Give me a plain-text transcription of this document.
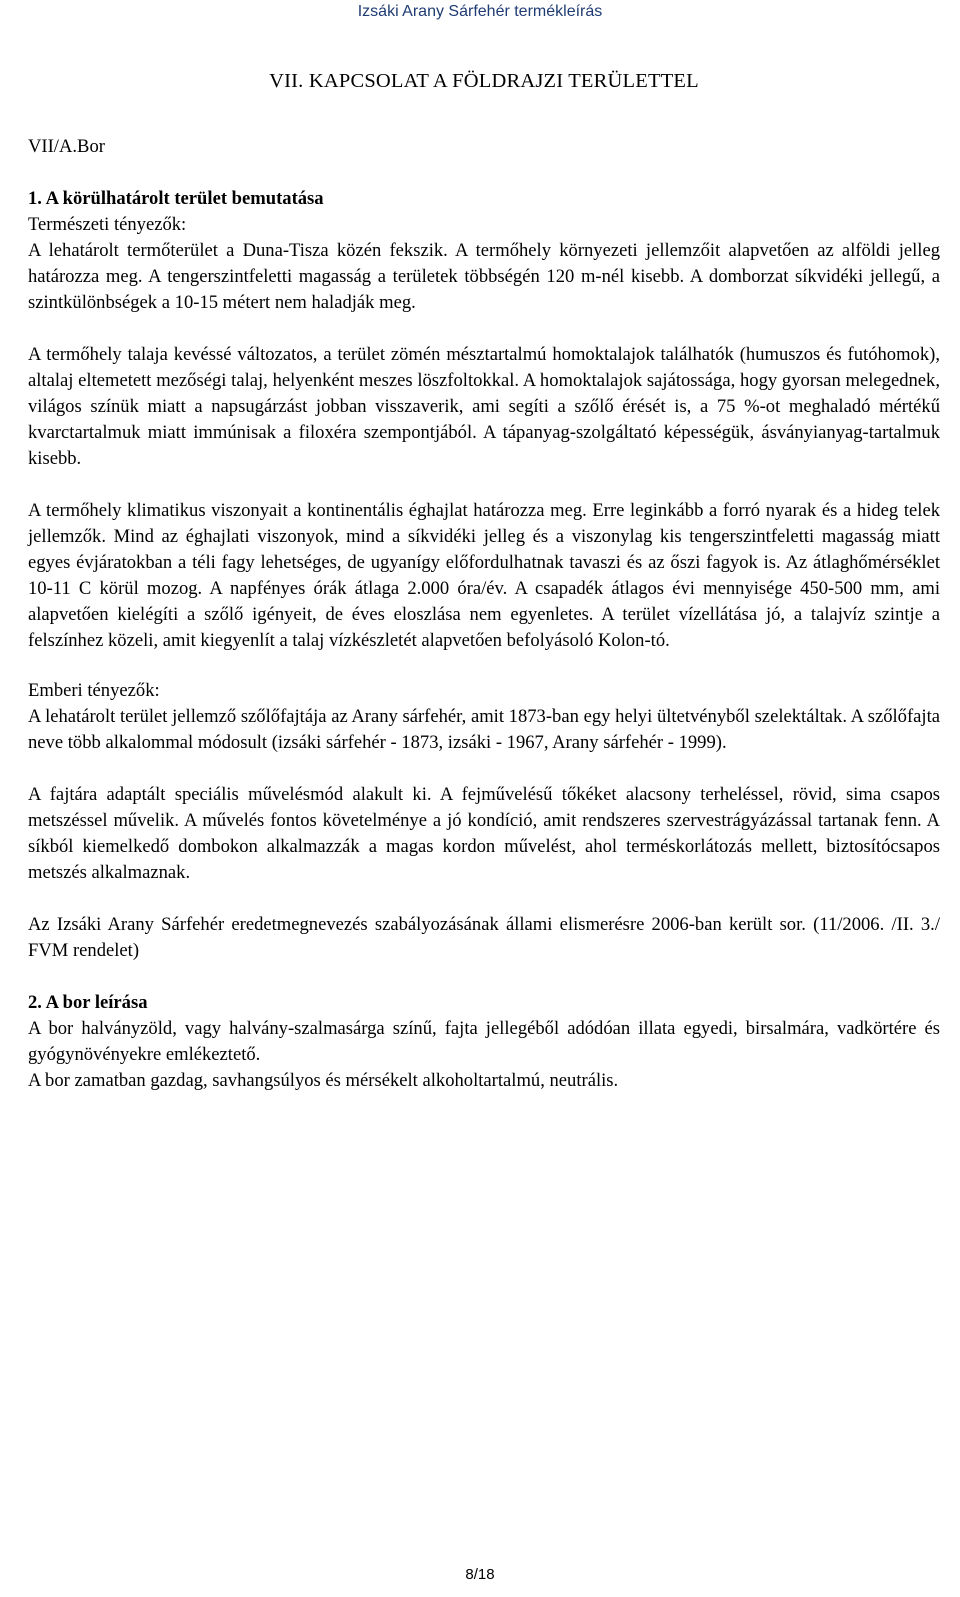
Izsáki Arany Sárfehér termékleírás
VII. KAPCSOLAT A FÖLDRAJZI TERÜLETTEL
VII/A.Bor
1. A körülhatárolt terület bemutatása
Természeti tényezők:

A lehatárolt termőterület a Duna-Tisza közén fekszik. A termőhely környezeti jellemzőit alapvetően az alföldi jelleg határozza meg. A tengerszintfeletti magasság a területek többségén 120 m-nél kisebb. A domborzat síkvidéki jellegű, a szintkülönbségek a 10-15 métert nem haladják meg.

A termőhely talaja kevéssé változatos, a terület zömén mésztartalmú homoktalajok találhatók (humuszos és futóhomok), altalaj eltemetett mezőségi talaj, helyenként meszes löszfoltokkal. A homoktalajok sajátossága, hogy gyorsan melegednek, világos színük miatt a napsugárzást jobban visszaverik, ami segíti a szőlő érését is, a 75 %-ot meghaladó mértékű kvarctartalmuk miatt immúnisak a filoxéra szempontjából. A tápanyag-szolgáltató képességük, ásványianyag-tartalmuk kisebb.

A termőhely klimatikus viszonyait a kontinentális éghajlat határozza meg. Erre leginkább a forró nyarak és a hideg telek jellemzők. Mind az éghajlati viszonyok, mind a síkvidéki jelleg és a viszonylag kis tengerszintfeletti magasság miatt egyes évjáratokban a téli fagy lehetséges, de ugyanígy előfordulhatnak tavaszi és az őszi fagyok is. Az átlaghőmérséklet 10-11 C körül mozog. A napfényes órák átlaga 2.000 óra/év. A csapadék átlagos évi mennyisége 450-500 mm, ami alapvetően kielégíti a szőlő igényeit, de éves eloszlása nem egyenletes. A terület vízellátása jó, a talajvíz szintje a felszínhez közeli, amit kiegyenlít a talaj vízkészletét alapvetően befolyásoló Kolon-tó.

Emberi tényezők:

A lehatárolt terület jellemző szőlőfajtája az Arany sárfehér, amit 1873-ban egy helyi ültetvényből szelektáltak. A szőlőfajta neve több alkalommal módosult (izsáki sárfehér - 1873, izsáki - 1967, Arany sárfehér - 1999).

A fajtára adaptált speciális művelésmód alakult ki. A fejművelésű tőkéket alacsony terheléssel, rövid, sima csapos metszéssel művelik. A művelés fontos követelménye a jó kondíció, amit rendszeres szervestrágyázással tartanak fenn. A síkból kiemelkedő dombokon alkalmazzák a magas kordon művelést, ahol terméskorlátozás mellett, biztosítócsapos metszés alkalmaznak.

Az Izsáki Arany Sárfehér eredetmegnevezés szabályozásának állami elismerésre 2006-ban került sor. (11/2006. /II. 3./ FVM rendelet)

2. A bor leírása

A bor halványzöld, vagy halvány-szalmasárga színű, fajta jellegéből adódóan illata egyedi, birsalmára, vadkörtére és gyógynövényekre emlékeztető.

A bor zamatban gazdag, savhangsúlyos és mérsékelt alkoholtartalmú, neutrális.

8/18
